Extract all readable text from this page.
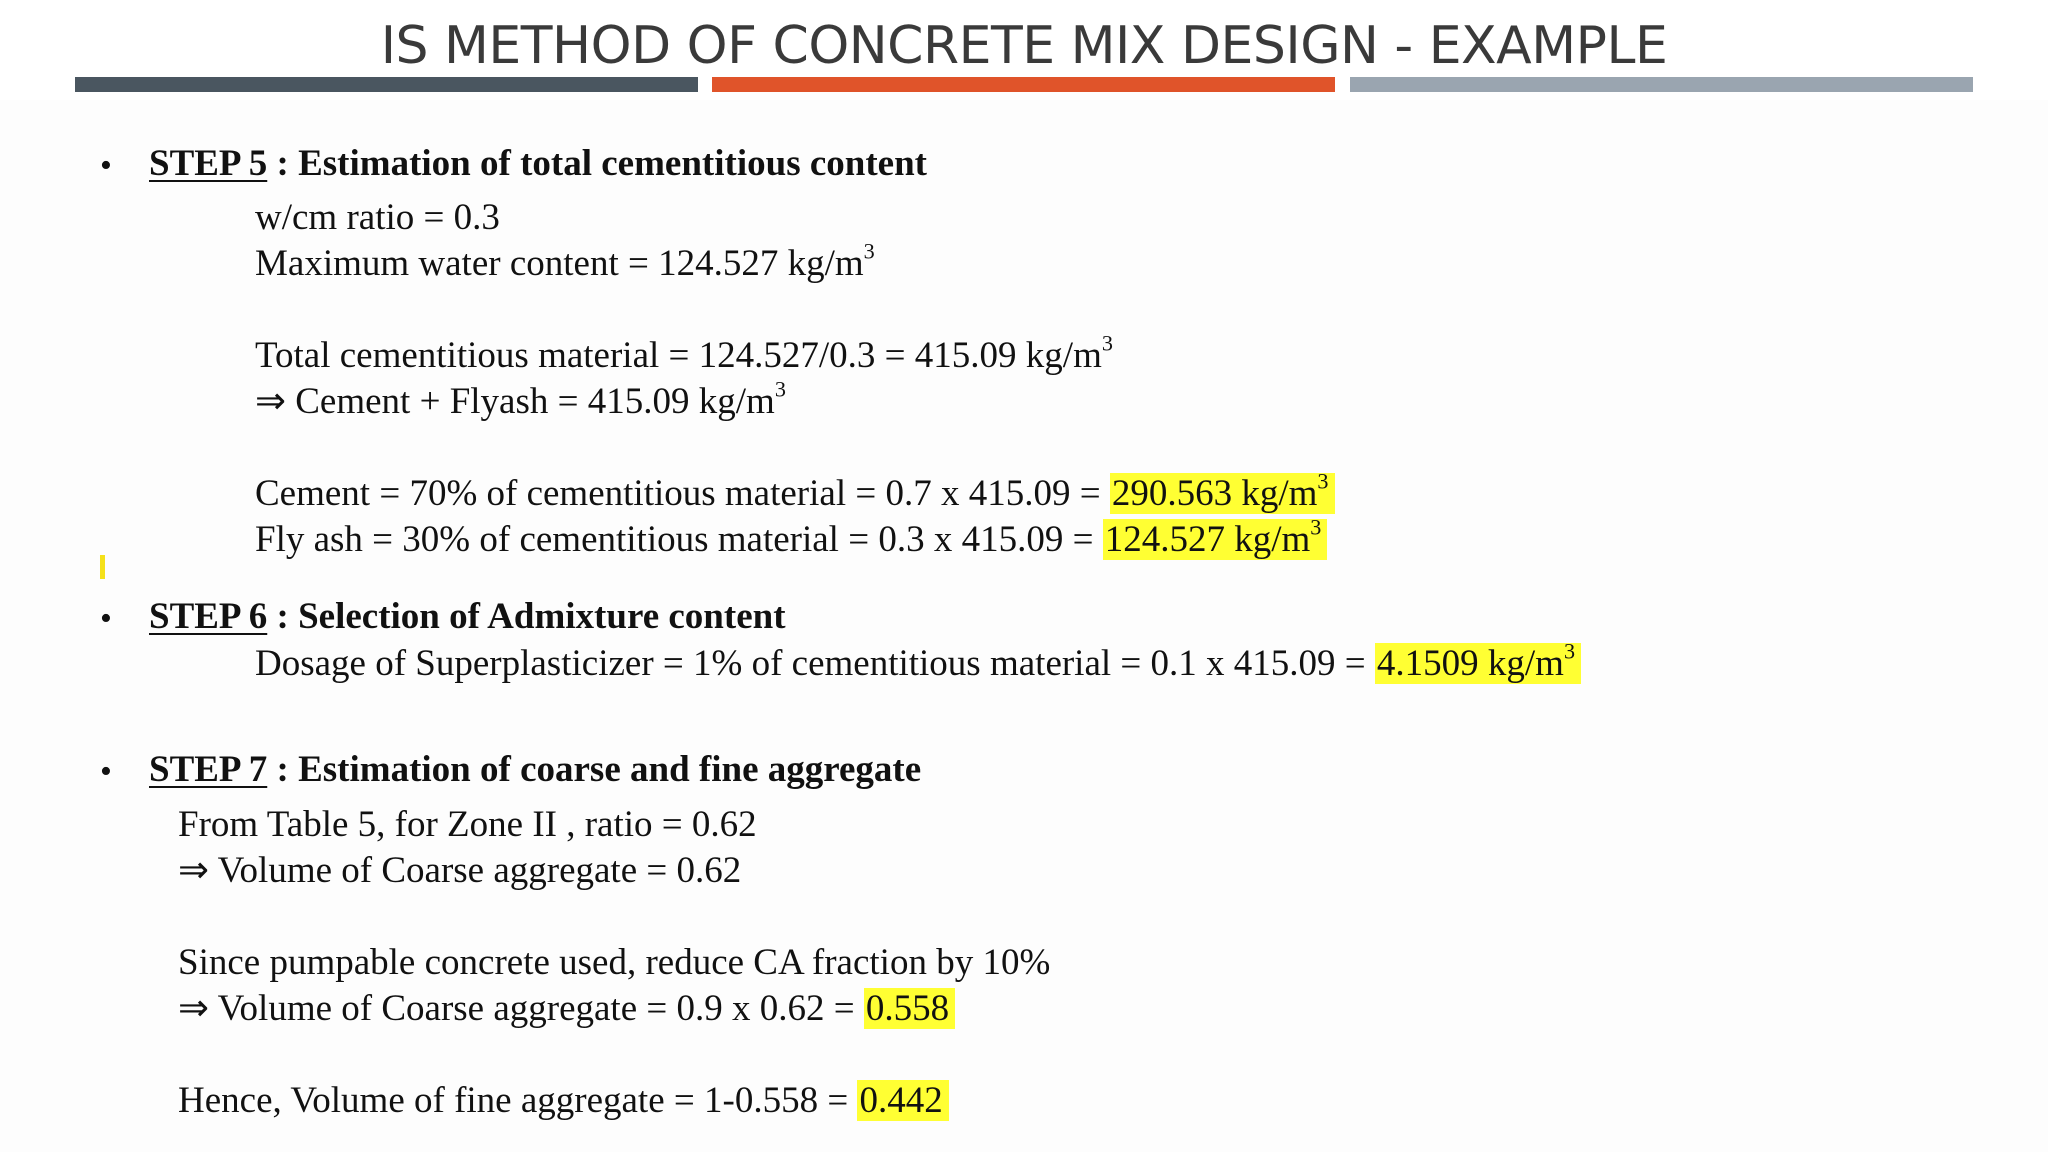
IS METHOD OF CONCRETE MIX DESIGN - EXAMPLE
• STEP 5 : Estimation of total cementitious content
w/cm ratio = 0.3
Maximum water content = 124.527 $kg/m^3$
Total cementitious material = 124.527/0.3 = 415.09 $kg/m^3$
⇒ Cement + Flyash = 415.09 $kg/m^3$
Cement = 70% of cementitious material = 0.7 x 415.09 = 290.563 $kg/m^3$
Fly ash = 30% of cementitious material = 0.3 x 415.09 = 124.527 $kg/m^3$
• STEP 6 : Selection of Admixture content
Dosage of Superplasticizer = 1% of cementitious material = 0.1 x 415.09 = 4.1509 $kg/m^3$
• STEP 7 : Estimation of coarse and fine aggregate
From Table 5, for Zone II , ratio = 0.62
⇒ Volume of Coarse aggregate = 0.62
Since pumpable concrete used, reduce CA fraction by 10%
⇒ Volume of Coarse aggregate = 0.9 x 0.62 = 0.558
Hence, Volume of fine aggregate = 1-0.558 = 0.442
